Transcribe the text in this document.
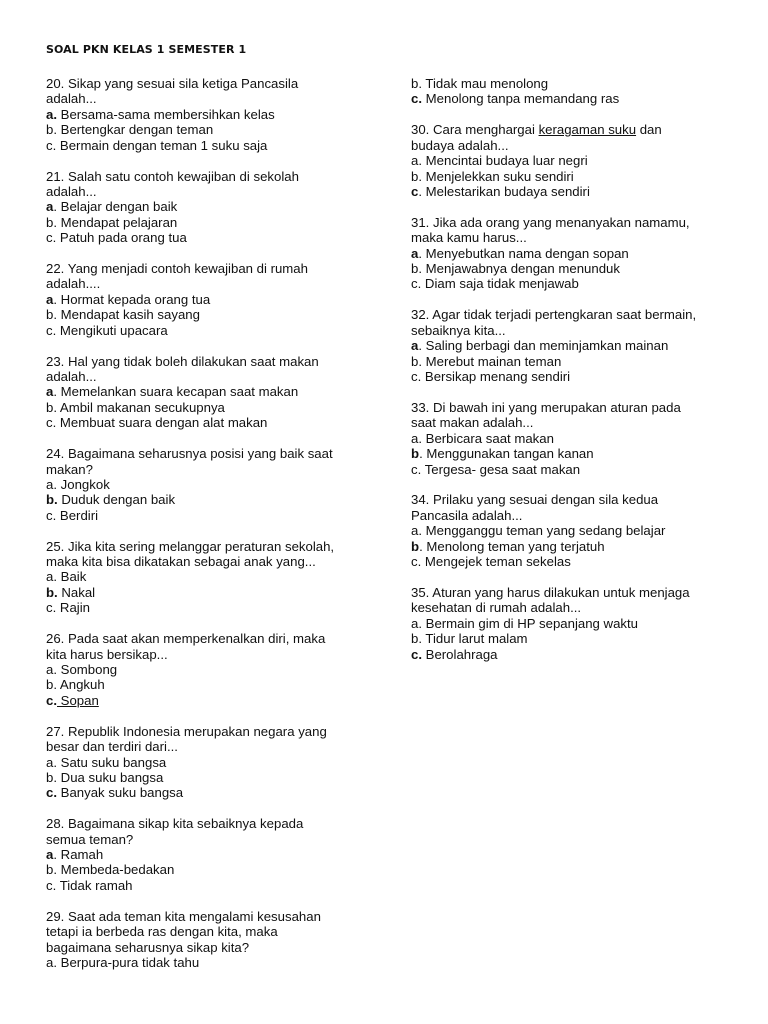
SOAL PKN KELAS 1 SEMESTER 1
20. Sikap yang sesuai sila ketiga Pancasila
adalah...
a. Bersama-sama membersihkan kelas
b. Bertengkar dengan teman
c. Bermain dengan teman 1 suku saja
21. Salah satu contoh kewajiban di sekolah
adalah...
a. Belajar dengan baik
b. Mendapat pelajaran
c. Patuh pada orang tua
22. Yang menjadi contoh kewajiban di rumah
adalah....
a. Hormat kepada orang tua
b. Mendapat kasih sayang
c. Mengikuti upacara
23. Hal yang tidak boleh dilakukan saat makan
adalah...
a. Memelankan suara kecapan saat makan
b. Ambil makanan secukupnya
c. Membuat suara dengan alat makan
24. Bagaimana seharusnya posisi yang baik saat
makan?
a. Jongkok
b. Duduk dengan baik
c. Berdiri
25. Jika kita sering melanggar peraturan sekolah,
maka kita bisa dikatakan sebagai anak yang...
a. Baik
b. Nakal
c. Rajin
26. Pada saat akan memperkenalkan diri, maka
kita harus bersikap...
a. Sombong
b. Angkuh
c. Sopan
27. Republik Indonesia merupakan negara yang
besar dan terdiri dari...
a. Satu suku bangsa
b. Dua suku bangsa
c. Banyak suku bangsa
28. Bagaimana sikap kita sebaiknya kepada
semua teman?
a. Ramah
b. Membeda-bedakan
c. Tidak ramah
29. Saat ada teman kita mengalami kesusahan
tetapi ia berbeda ras dengan kita, maka
bagaimana seharusnya sikap kita?
a. Berpura-pura tidak tahu
b. Tidak mau menolong
c. Menolong tanpa memandang ras
30. Cara menghargai keragaman suku dan
budaya adalah...
a. Mencintai budaya luar negri
b. Menjelekkan suku sendiri
c. Melestarikan budaya sendiri
31. Jika ada orang yang menanyakan namamu,
maka kamu harus...
a. Menyebutkan nama dengan sopan
b. Menjawabnya dengan menunduk
c. Diam saja tidak menjawab
32. Agar tidak terjadi pertengkaran saat bermain,
sebaiknya kita...
a. Saling berbagi dan meminjamkan mainan
b. Merebut mainan teman
c. Bersikap menang sendiri
33. Di bawah ini yang merupakan aturan pada
saat makan adalah...
a. Berbicara saat makan
b. Menggunakan tangan kanan
c. Tergesa- gesa saat makan
34. Prilaku yang sesuai dengan sila kedua
Pancasila adalah...
a. Mengganggu teman yang sedang belajar
b. Menolong teman yang terjatuh
c. Mengejek teman sekelas
35. Aturan yang harus dilakukan untuk menjaga
kesehatan di rumah adalah...
a. Bermain gim di HP sepanjang waktu
b. Tidur larut malam
c. Berolahraga
